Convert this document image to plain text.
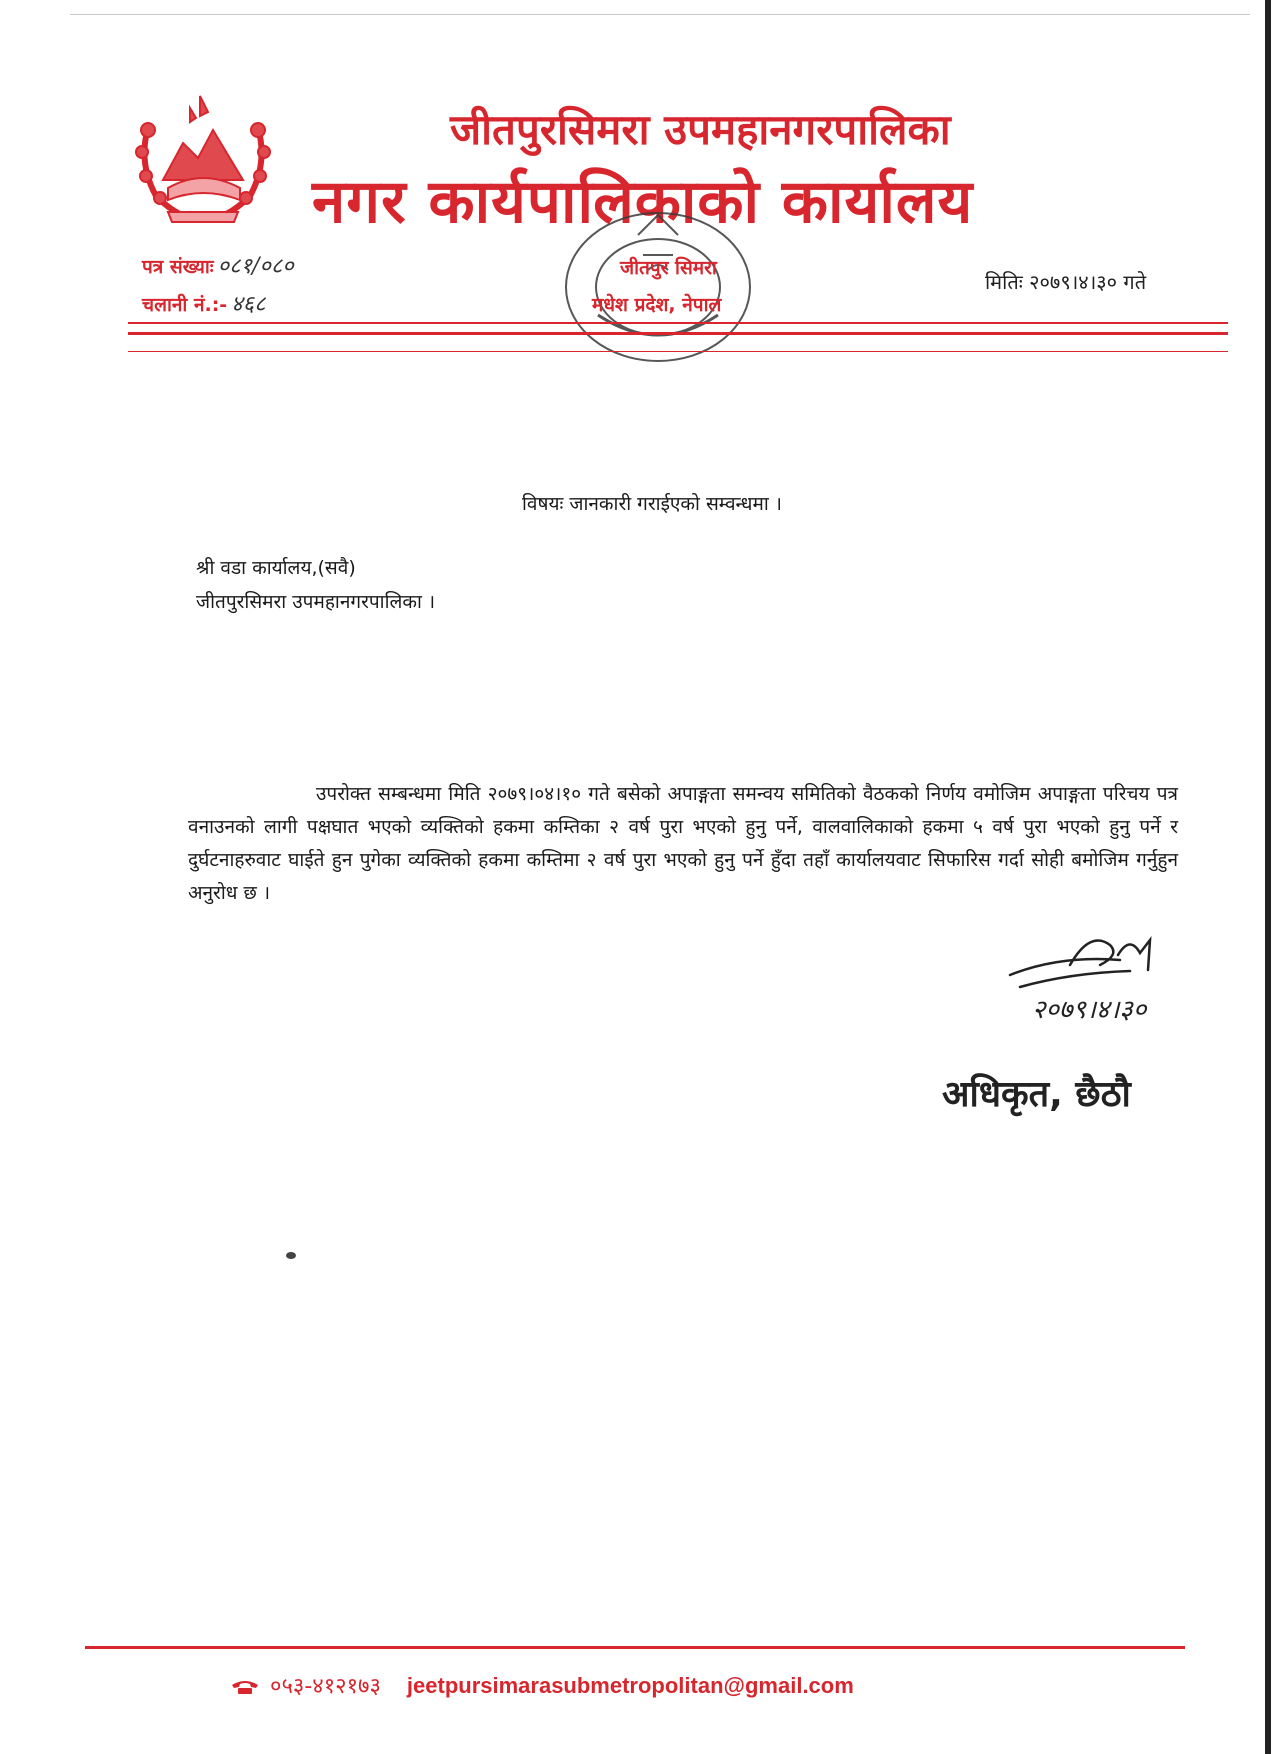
जीतपुरसिमरा उपमहानगरपालिका
नगर कार्यपालिकाको कार्यालय
जीतपुर सिमरा
मधेश प्रदेश, नेपाल
पत्र संख्याः ०८१/०८०
चलानी नं.:- ४६८
मितिः २०७९।४।३० गते
विषयः जानकारी गराईएको सम्वन्धमा ।
श्री वडा कार्यालय,(सवै)
जीतपुरसिमरा उपमहानगरपालिका ।
उपरोक्त सम्बन्धमा मिति २०७९।०४।१० गते बसेको अपाङ्गता समन्वय समितिको वैठकको निर्णय वमोजिम अपाङ्गता परिचय पत्र वनाउनको लागी पक्षघात भएको व्यक्तिको हकमा कम्तिका २ वर्ष पुरा भएको हुनु पर्ने, वालवालिकाको हकमा ५ वर्ष पुरा भएको हुनु पर्ने र दुर्घटनाहरुवाट घाईते हुन पुगेका व्यक्तिको हकमा कम्तिमा २ वर्ष पुरा भएको हुनु पर्ने हुँदा तहाँ कार्यालयवाट सिफारिस गर्दा सोही बमोजिम गर्नुहुन अनुरोध छ ।
२०७९।४।३०
अधिकृत, छैठौ
०५३-४१२१७३ jeetpursimarasubmetropolitan@gmail.com
